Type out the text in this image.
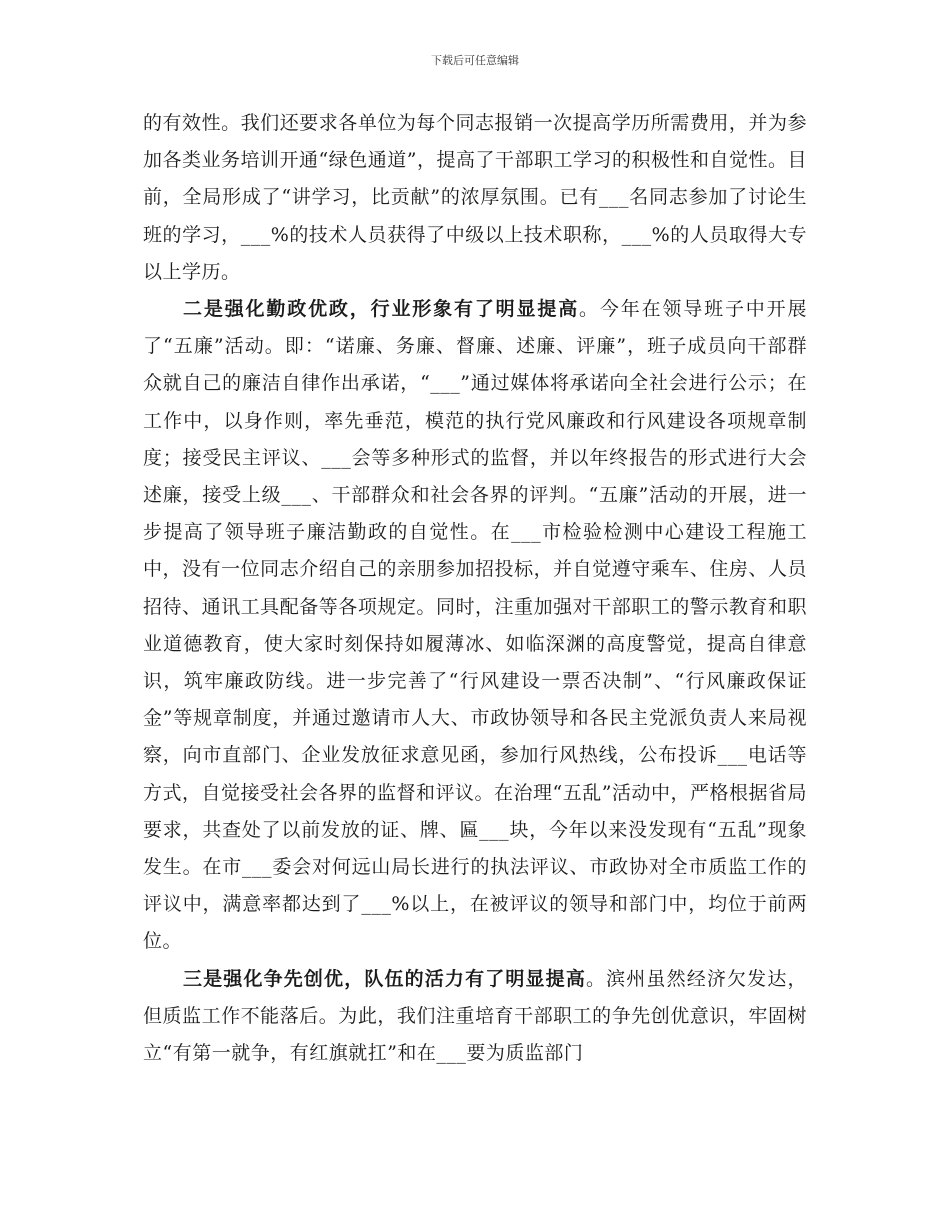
下载后可任意编辑

的有效性。我们还要求各单位为每个同志报销一次提高学历所需费用，并为参加各类业务培训开通“绿色通道”，提高了干部职工学习的积极性和自觉性。目前，全局形成了“讲学习，比贡献”的浓厚氛围。已有___名同志参加了讨论生班的学习，___%的技术人员获得了中级以上技术职称，___%的人员取得大专以上学历。

二是强化勤政优政，行业形象有了明显提高。今年在领导班子中开展了“五廉”活动。即：“诺廉、务廉、督廉、述廉、评廉”，班子成员向干部群众就自己的廉洁自律作出承诺，“___”通过媒体将承诺向全社会进行公示；在工作中，以身作则，率先垂范，模范的执行党风廉政和行风建设各项规章制度；接受民主评议、___会等多种形式的监督，并以年终报告的形式进行大会述廉，接受上级___、干部群众和社会各界的评判。“五廉”活动的开展，进一步提高了领导班子廉洁勤政的自觉性。在___市检验检测中心建设工程施工中，没有一位同志介绍自己的亲朋参加招投标，并自觉遵守乘车、住房、人员招待、通讯工具配备等各项规定。同时，注重加强对干部职工的警示教育和职业道德教育，使大家时刻保持如履薄冰、如临深渊的高度警觉，提高自律意识，筑牢廉政防线。进一步完善了“行风建设一票否决制”、“行风廉政保证金”等规章制度，并通过邀请市人大、市政协领导和各民主党派负责人来局视察，向市直部门、企业发放征求意见函，参加行风热线，公布投诉___电话等方式，自觉接受社会各界的监督和评议。在治理“五乱”活动中，严格根据省局要求，共查处了以前发放的证、牌、匾___块，今年以来没发现有“五乱”现象发生。在市___委会对何远山局长进行的执法评议、市政协对全市质监工作的评议中，满意率都达到了___%以上，在被评议的领导和部门中，均位于前两位。

三是强化争先创优，队伍的活力有了明显提高。滨州虽然经济欠发达，但质监工作不能落后。为此，我们注重培育干部职工的争先创优意识，牢固树立“有第一就争，有红旗就扛”和在___要为质监部门
